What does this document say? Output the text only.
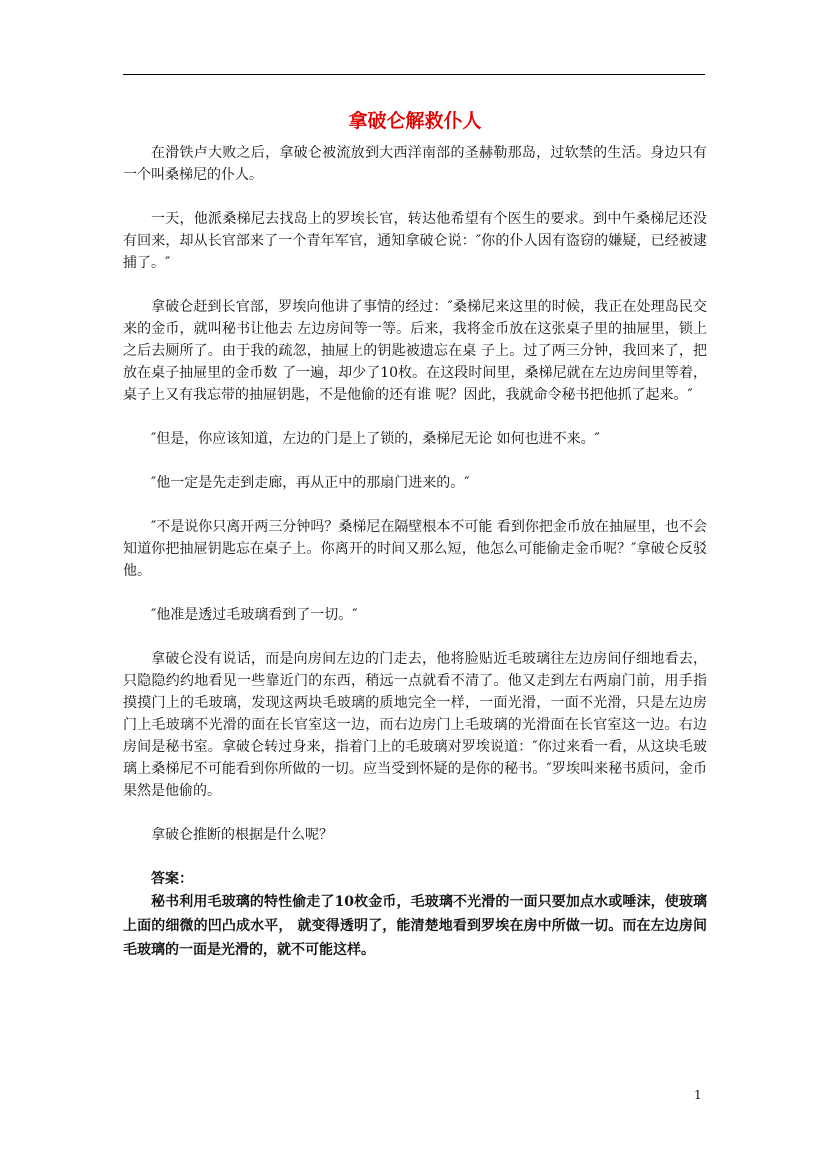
拿破仑解救仆人

在滑铁卢大败之后，拿破仑被流放到大西洋南部的圣赫勒那岛，过软禁的生活。身边只有一个叫桑梯尼的仆人。

一天，他派桑梯尼去找岛上的罗埃长官，转达他希望有个医生的要求。到中午桑梯尼还没有回来，却从长官部来了一个青年军官，通知拿破仑说：″你的仆人因有盗窃的嫌疑，已经被逮捕了。″

拿破仑赶到长官部，罗埃向他讲了事情的经过：″桑梯尼来这里的时候，我正在处理岛民交来的金币，就叫秘书让他去 左边房间等一等。后来，我将金币放在这张桌子里的抽屉里，锁上之后去厕所了。由于我的疏忽，抽屉上的钥匙被遗忘在桌 子上。过了两三分钟，我回来了，把放在桌子抽屉里的金币数 了一遍，却少了10枚。在这段时间里，桑梯尼就在左边房间里等着，桌子上又有我忘带的抽屉钥匙，不是他偷的还有谁 呢？因此，我就命令秘书把他抓了起来。″

″但是，你应该知道，左边的门是上了锁的，桑梯尼无论 如何也进不来。″

″他一定是先走到走廊，再从正中的那扇门进来的。″

″不是说你只离开两三分钟吗？桑梯尼在隔壁根本不可能 看到你把金币放在抽屉里，也不会知道你把抽屉钥匙忘在桌子上。你离开的时间又那么短，他怎么可能偷走金币呢？″拿破仑反驳他。

″他准是透过毛玻璃看到了一切。″

拿破仑没有说话，而是向房间左边的门走去，他将脸贴近毛玻璃往左边房间仔细地看去，只隐隐约约地看见一些靠近门的东西，稍远一点就看不清了。他又走到左右两扇门前，用手指摸摸门上的毛玻璃，发现这两块毛玻璃的质地完全一样，一面光滑，一面不光滑，只是左边房门上毛玻璃不光滑的面在长官室这一边，而右边房门上毛玻璃的光滑面在长官室这一边。右边房间是秘书室。拿破仑转过身来，指着门上的毛玻璃对罗埃说道：″你过来看一看，从这块毛玻璃上桑梯尼不可能看到你所做的一切。应当受到怀疑的是你的秘书。″罗埃叫来秘书质问，金币果然是他偷的。

拿破仑推断的根据是什么呢？

答案：

秘书利用毛玻璃的特性偷走了10枚金币，毛玻璃不光滑的一面只要加点水或唾沫，使玻璃上面的细微的凹凸成水平， 就变得透明了，能清楚地看到罗埃在房中所做一切。而在左边房间毛玻璃的一面是光滑的，就不可能这样。

1
